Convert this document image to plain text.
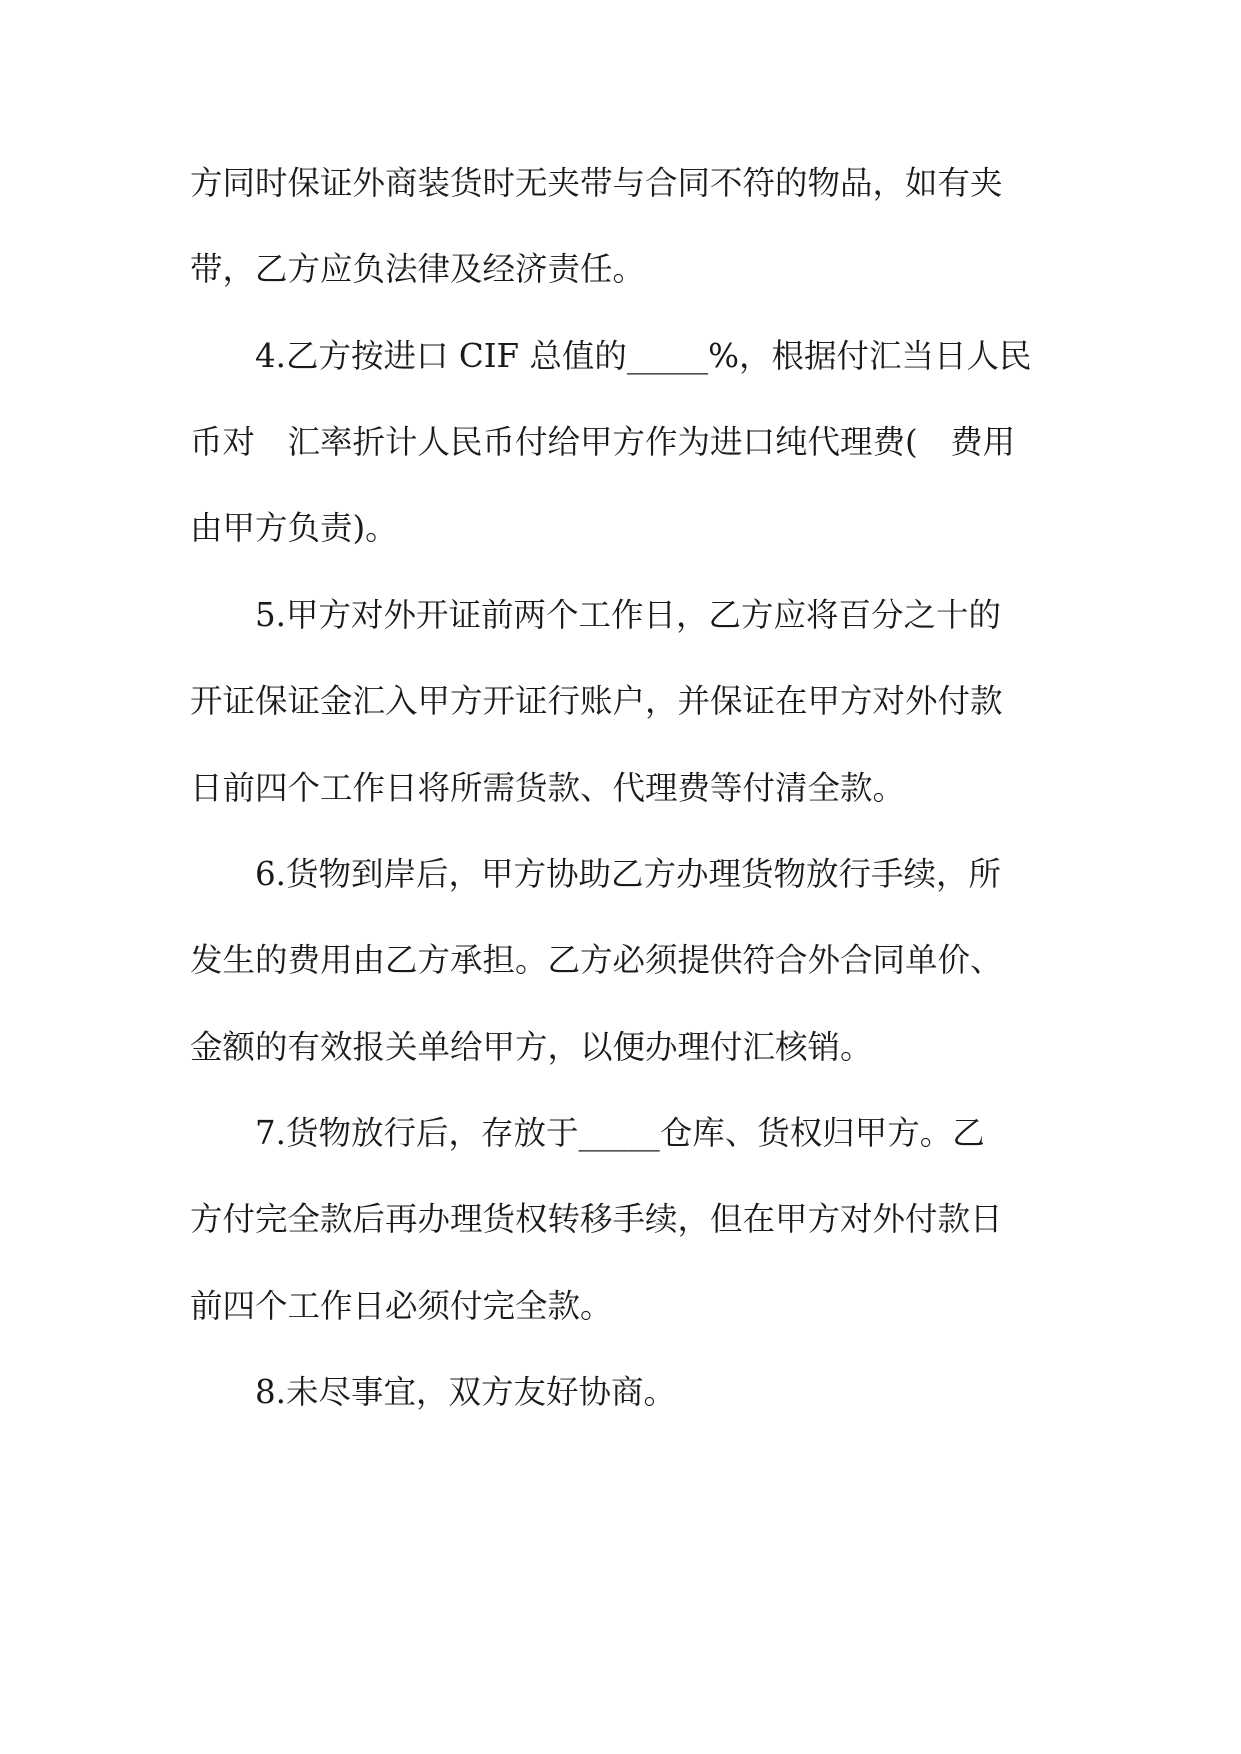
方同时保证外商装货时无夹带与合同不符的物品，如有夹

带，乙方应负法律及经济责任。

4.乙方按进口 CIF 总值的_____%，根据付汇当日人民

币对　汇率折计人民币付给甲方作为进口纯代理费(　费用

由甲方负责)。

5.甲方对外开证前两个工作日，乙方应将百分之十的

开证保证金汇入甲方开证行账户，并保证在甲方对外付款

日前四个工作日将所需货款、代理费等付清全款。

6.货物到岸后，甲方协助乙方办理货物放行手续，所

发生的费用由乙方承担。乙方必须提供符合外合同单价、

金额的有效报关单给甲方，以便办理付汇核销。

7.货物放行后，存放于_____仓库、货权归甲方。乙

方付完全款后再办理货权转移手续，但在甲方对外付款日

前四个工作日必须付完全款。

8.未尽事宜，双方友好协商。
